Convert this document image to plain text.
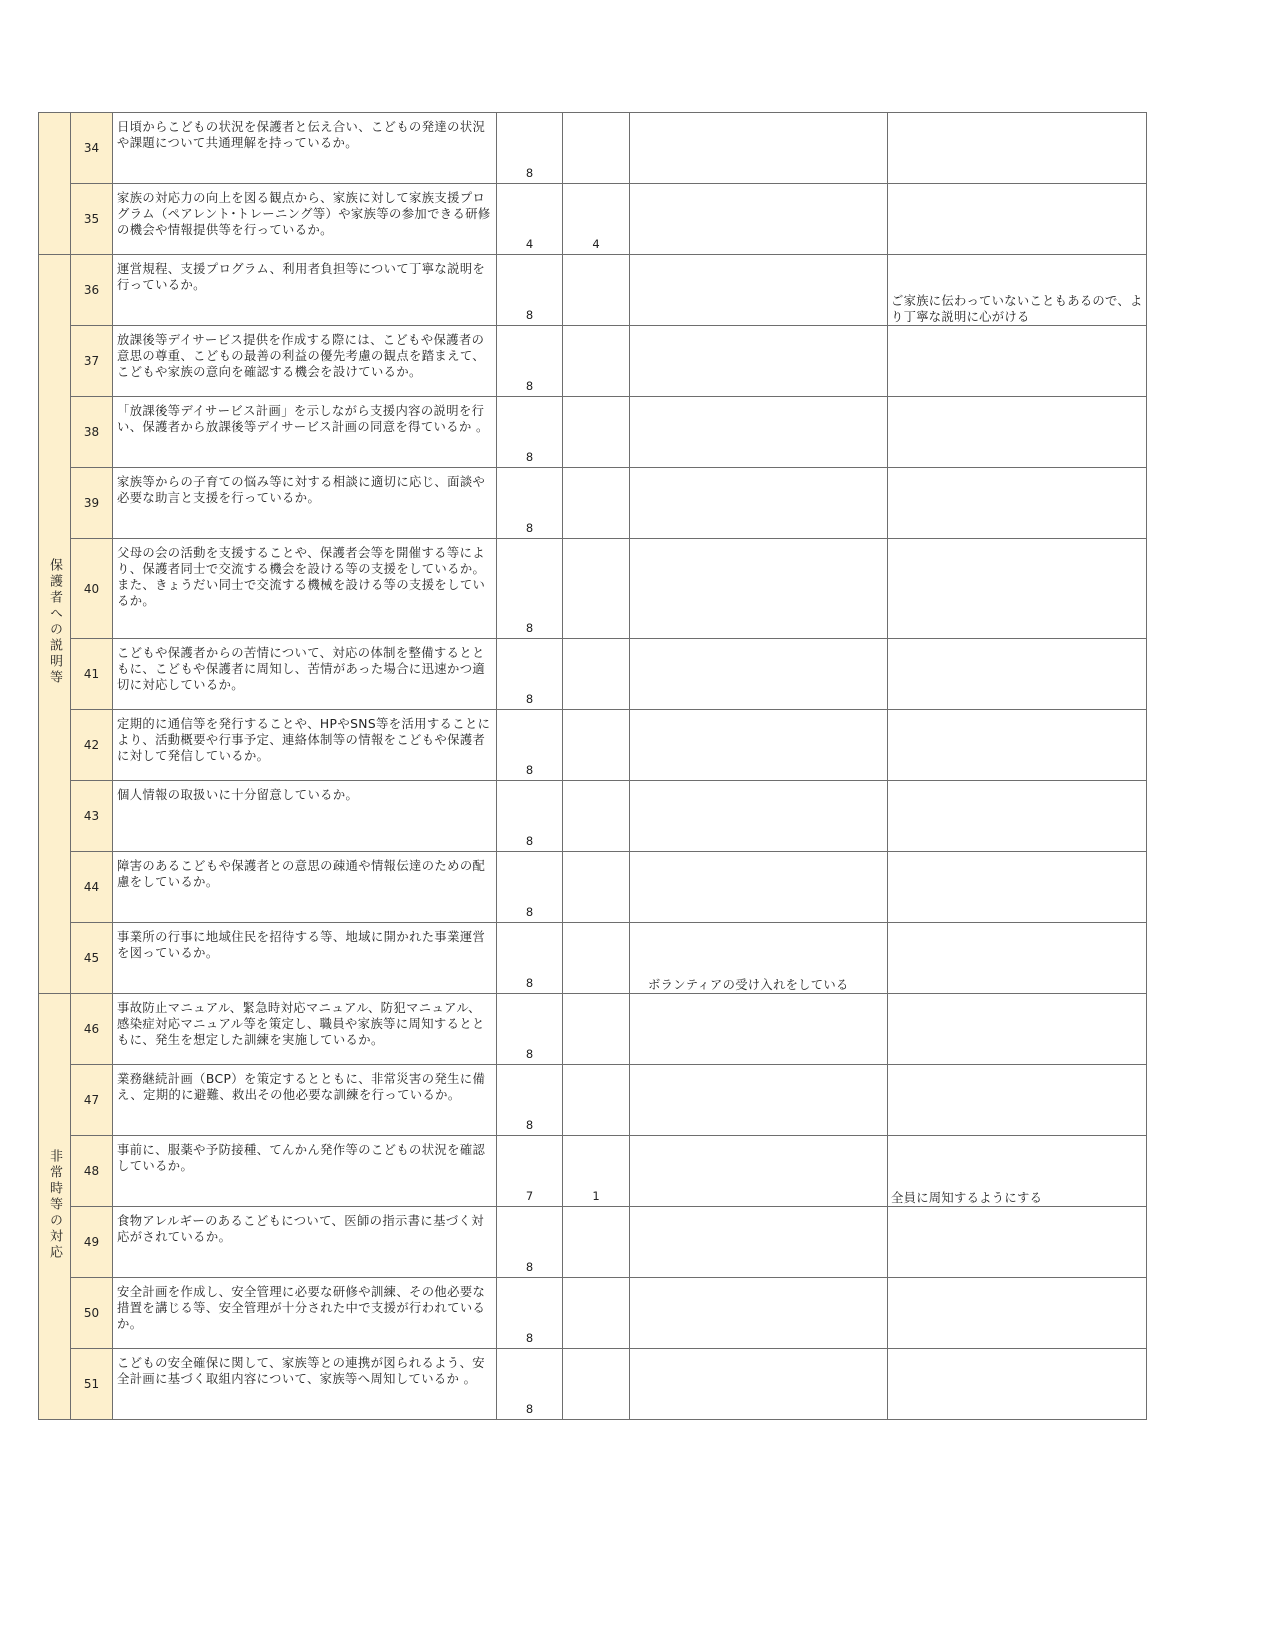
	34	日頃からこどもの状況を保護者と伝え合い、こどもの発達の状況や課題について共通理解を持っているか。	8			

	35	家族の対応力の向上を図る観点から、家族に対して家族支援プログラム（ペアレント･トレーニング等）や家族等の参加できる研修の機会や情報提供等を行っているか。	4	4		

保護者への説明等	36	運営規程、支援プログラム、利用者負担等について丁寧な説明を行っているか。	8			ご家族に伝わっていないこともあるので、より丁寧な説明に心がける

	37	放課後等デイサービス提供を作成する際には、こどもや保護者の意思の尊重、こどもの最善の利益の優先考慮の観点を踏まえて、こどもや家族の意向を確認する機会を設けているか。	8			

	38	「放課後等デイサービス計画」を示しながら支援内容の説明を行い、保護者から放課後等デイサービス計画の同意を得ているか 。	8			

	39	家族等からの子育ての悩み等に対する相談に適切に応じ、面談や必要な助言と支援を行っているか。	8			

	40	父母の会の活動を支援することや、保護者会等を開催する等により、保護者同士で交流する機会を設ける等の支援をしているか。また、きょうだい同士で交流する機械を設ける等の支援をしているか。	8			

	41	こどもや保護者からの苦情について、対応の体制を整備するとともに、こどもや保護者に周知し、苦情があった場合に迅速かつ適切に対応しているか。	8			

	42	定期的に通信等を発行することや、HPやSNS等を活用することにより、活動概要や行事予定、連絡体制等の情報をこどもや保護者に対して発信しているか。	8			

	43	個人情報の取扱いに十分留意しているか。	8			

	44	障害のあるこどもや保護者との意思の疎通や情報伝達のための配慮をしているか。	8			

	45	事業所の行事に地域住民を招待する等、地域に開かれた事業運営を図っているか。	8		ボランティアの受け入れをしている	

非常時等の対応	46	事故防止マニュアル、緊急時対応マニュアル、防犯マニュアル、感染症対応マニュアル等を策定し、職員や家族等に周知するとともに、発生を想定した訓練を実施しているか。	8			

	47	業務継続計画（BCP）を策定するとともに、非常災害の発生に備え、定期的に避難、救出その他必要な訓練を行っているか。	8			

	48	事前に、服薬や予防接種、てんかん発作等のこどもの状況を確認しているか。	7	1		全員に周知するようにする

	49	食物アレルギーのあるこどもについて、医師の指示書に基づく対応がされているか。	8			

	50	安全計画を作成し、安全管理に必要な研修や訓練、その他必要な措置を講じる等、安全管理が十分された中で支援が行われているか。	8			

	51	こどもの安全確保に関して、家族等との連携が図られるよう、安全計画に基づく取組内容について、家族等へ周知しているか 。	8			
